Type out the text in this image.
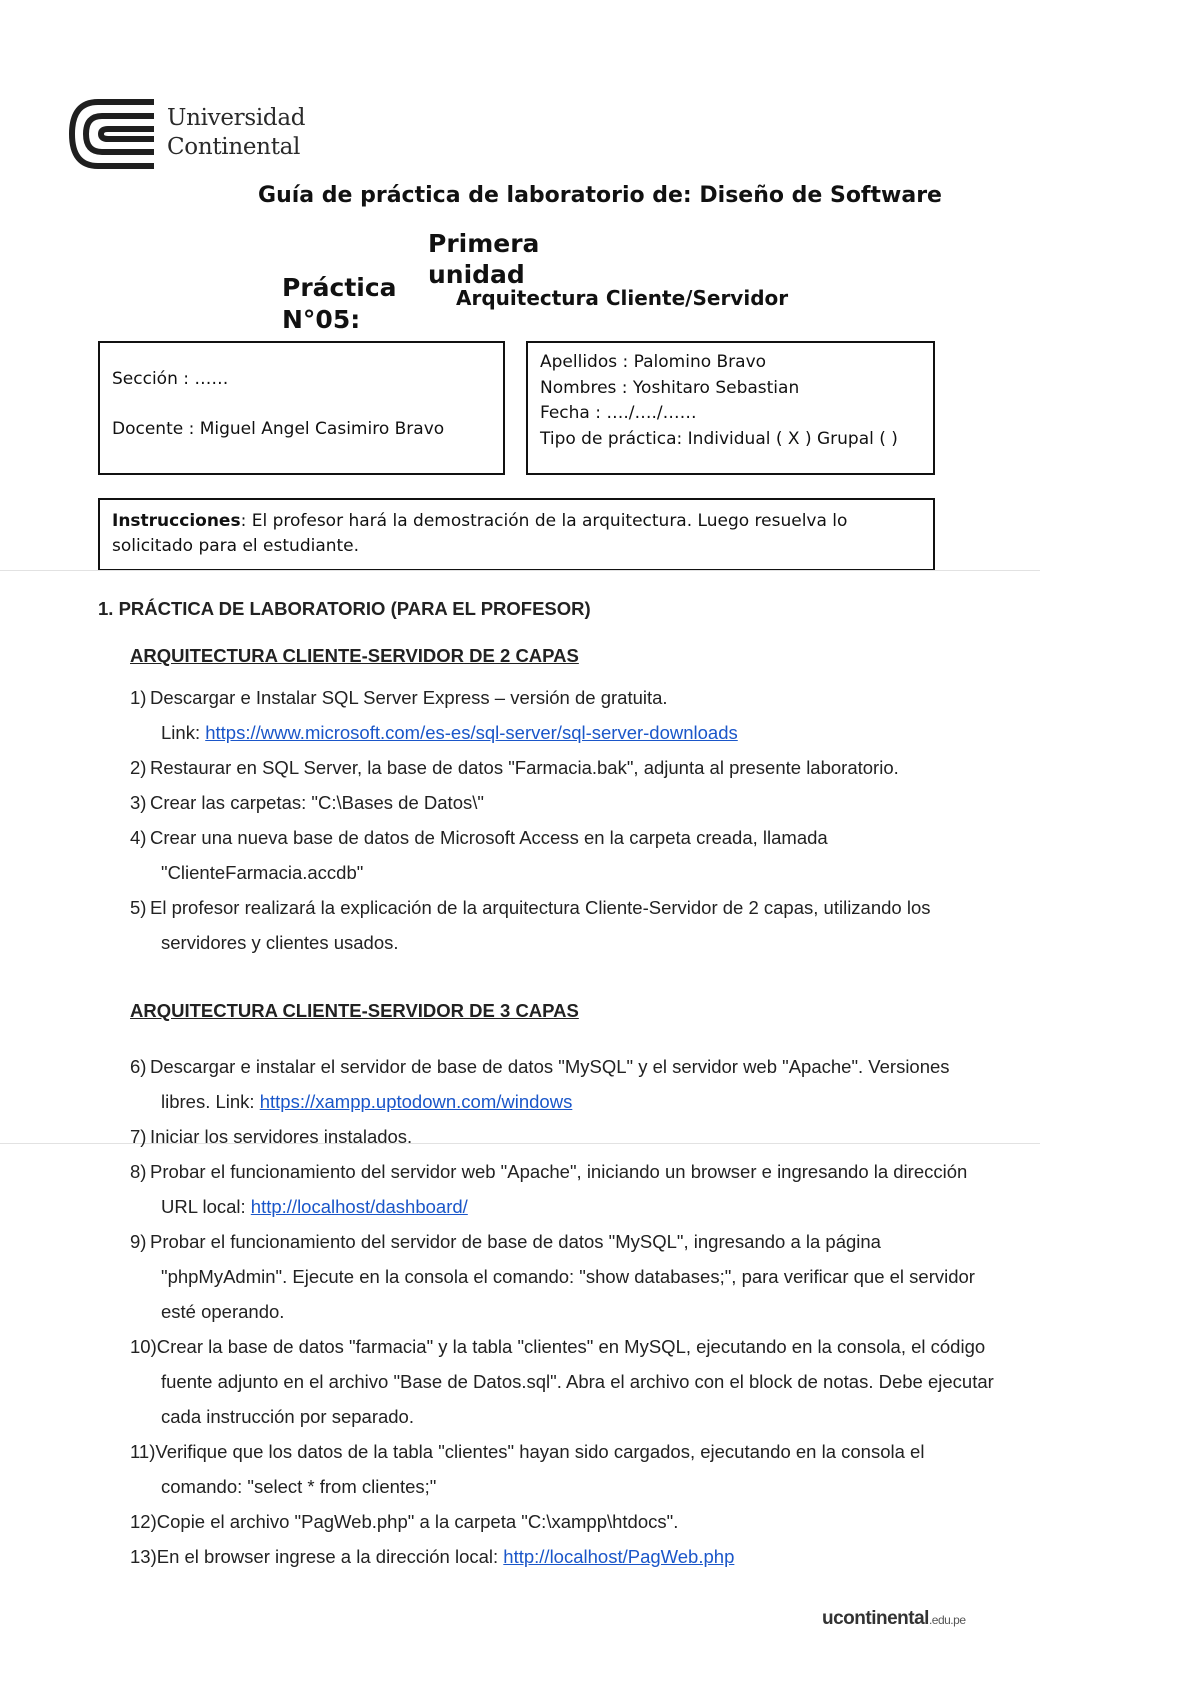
Universidad
Continental
Guía de práctica de laboratorio de: Diseño de Software
Primera
unidad
Práctica
N°05:
Arquitectura Cliente/Servidor
Sección : ……
Docente : Miguel Angel Casimiro Bravo
Apellidos : Palomino Bravo
Nombres : Yoshitaro Sebastian
Fecha : …./…./……
Tipo de práctica: Individual ( X ) Grupal ( )
Instrucciones: El profesor hará la demostración de la arquitectura. Luego resuelva lo solicitado para el estudiante.
1. PRÁCTICA DE LABORATORIO (PARA EL PROFESOR)
ARQUITECTURA CLIENTE-SERVIDOR DE 2 CAPAS
1) Descargar e Instalar SQL Server Express – versión de gratuita.
Link: https://www.microsoft.com/es-es/sql-server/sql-server-downloads
2) Restaurar en SQL Server, la base de datos "Farmacia.bak", adjunta al presente laboratorio.
3) Crear las carpetas: "C:\Bases de Datos\"
4) Crear una nueva base de datos de Microsoft Access en la carpeta creada, llamada
"ClienteFarmacia.accdb"
5) El profesor realizará la explicación de la arquitectura Cliente-Servidor de 2 capas, utilizando los
servidores y clientes usados.
ARQUITECTURA CLIENTE-SERVIDOR DE 3 CAPAS
6) Descargar e instalar el servidor de base de datos "MySQL" y el servidor web "Apache". Versiones
libres. Link: https://xampp.uptodown.com/windows
7) Iniciar los servidores instalados.
8) Probar el funcionamiento del servidor web "Apache", iniciando un browser e ingresando la dirección
URL local: http://localhost/dashboard/
9) Probar el funcionamiento del servidor de base de datos "MySQL", ingresando a la página
"phpMyAdmin". Ejecute en la consola el comando: "show databases;", para verificar que el servidor
esté operando.
10)Crear la base de datos "farmacia" y la tabla "clientes" en MySQL, ejecutando en la consola, el código
fuente adjunto en el archivo "Base de Datos.sql". Abra el archivo con el block de notas. Debe ejecutar
cada instrucción por separado.
11)Verifique que los datos de la tabla "clientes" hayan sido cargados, ejecutando en la consola el
comando: "select * from clientes;"
12)Copie el archivo "PagWeb.php" a la carpeta "C:\xampp\htdocs".
13)En el browser ingrese a la dirección local: http://localhost/PagWeb.php
ucontinental.edu.pe
